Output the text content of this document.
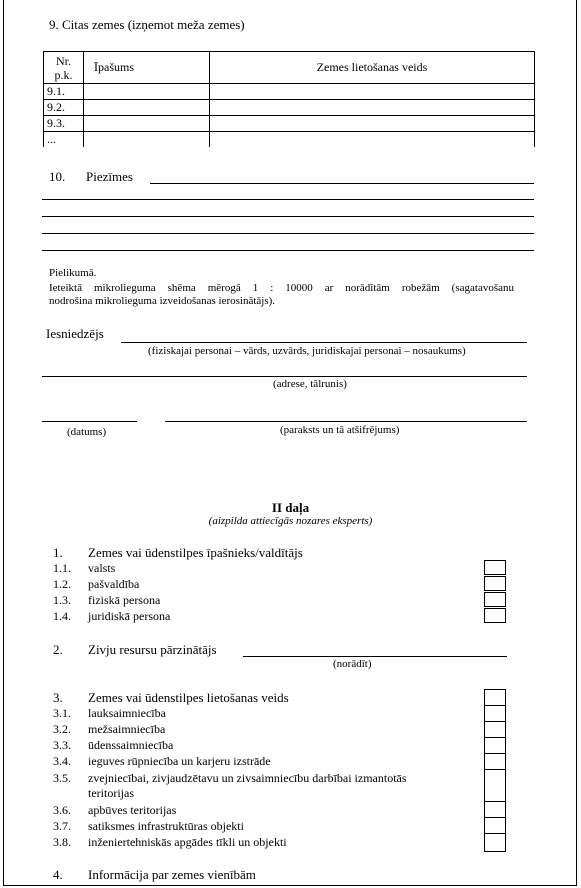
9. Citas zemes (izņemot meža zemes)
Nr. p.k.	Īpašums	Zemes lietošanas veids
9.1.		
9.2.		
9.3.		
...		
10. Piezīmes
Pielikumā.
Ieteiktā mikrolieguma shēma mērogā 1 : 10000 ar norādītām robežām (sagatavošanu
nodrošina mikrolieguma izveidošanas ierosinātājs).
Iesniedzējs
(fiziskajai personai – vārds, uzvārds, juridiskajai personai – nosaukums)
(adrese, tālrunis)
(datums)	(paraksts un tā atšifrējums)
II daļa
(aizpilda attiecīgās nozares eksperts)
1. Zemes vai ūdenstilpes īpašnieks/valdītājs
1.1. valsts
1.2. pašvaldība
1.3. fiziskā persona
1.4. juridiskā persona
2. Zivju resursu pārzinātājs
(norādīt)
3. Zemes vai ūdenstilpes lietošanas veids
3.1. lauksaimniecība
3.2. mežsaimniecība
3.3. ūdenssaimniecība
3.4. ieguves rūpniecība un karjeru izstrāde
3.5. zvejniecībai, zivjaudzētavu un zivsaimniecību darbībai izmantotās
teritorijas
3.6. apbūves teritorijas
3.7. satiksmes infrastruktūras objekti
3.8. inženiertehniskās apgādes tīkli un objekti
4. Informācija par zemes vienībām
